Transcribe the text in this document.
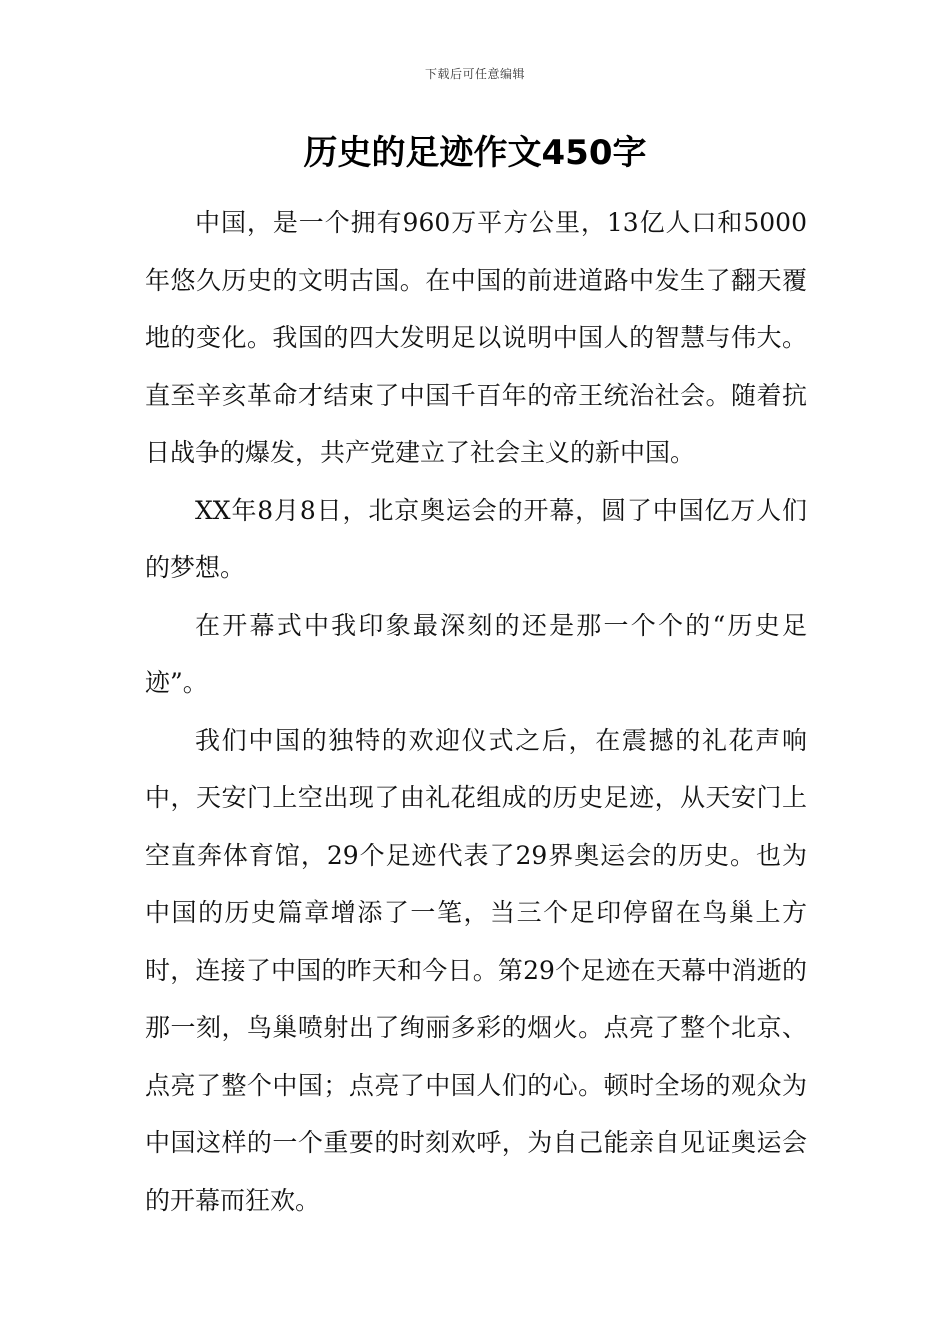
下载后可任意编辑
历史的足迹作文450字

中国，是一个拥有960万平方公里，13亿人口和5000年悠久历史的文明古国。在中国的前进道路中发生了翻天覆地的变化。我国的四大发明足以说明中国人的智慧与伟大。直至辛亥革命才结束了中国千百年的帝王统治社会。随着抗日战争的爆发，共产党建立了社会主义的新中国。

XX年8月8日，北京奥运会的开幕，圆了中国亿万人们的梦想。

在开幕式中我印象最深刻的还是那一个个的“历史足迹”。

我们中国的独特的欢迎仪式之后，在震撼的礼花声响中，天安门上空出现了由礼花组成的历史足迹，从天安门上空直奔体育馆，29个足迹代表了29界奥运会的历史。也为中国的历史篇章增添了一笔，当三个足印停留在鸟巢上方时，连接了中国的昨天和今日。第29个足迹在天幕中消逝的那一刻，鸟巢喷射出了绚丽多彩的烟火。点亮了整个北京、点亮了整个中国；点亮了中国人们的心。顿时全场的观众为中国这样的一个重要的时刻欢呼，为自己能亲自见证奥运会的开幕而狂欢。
